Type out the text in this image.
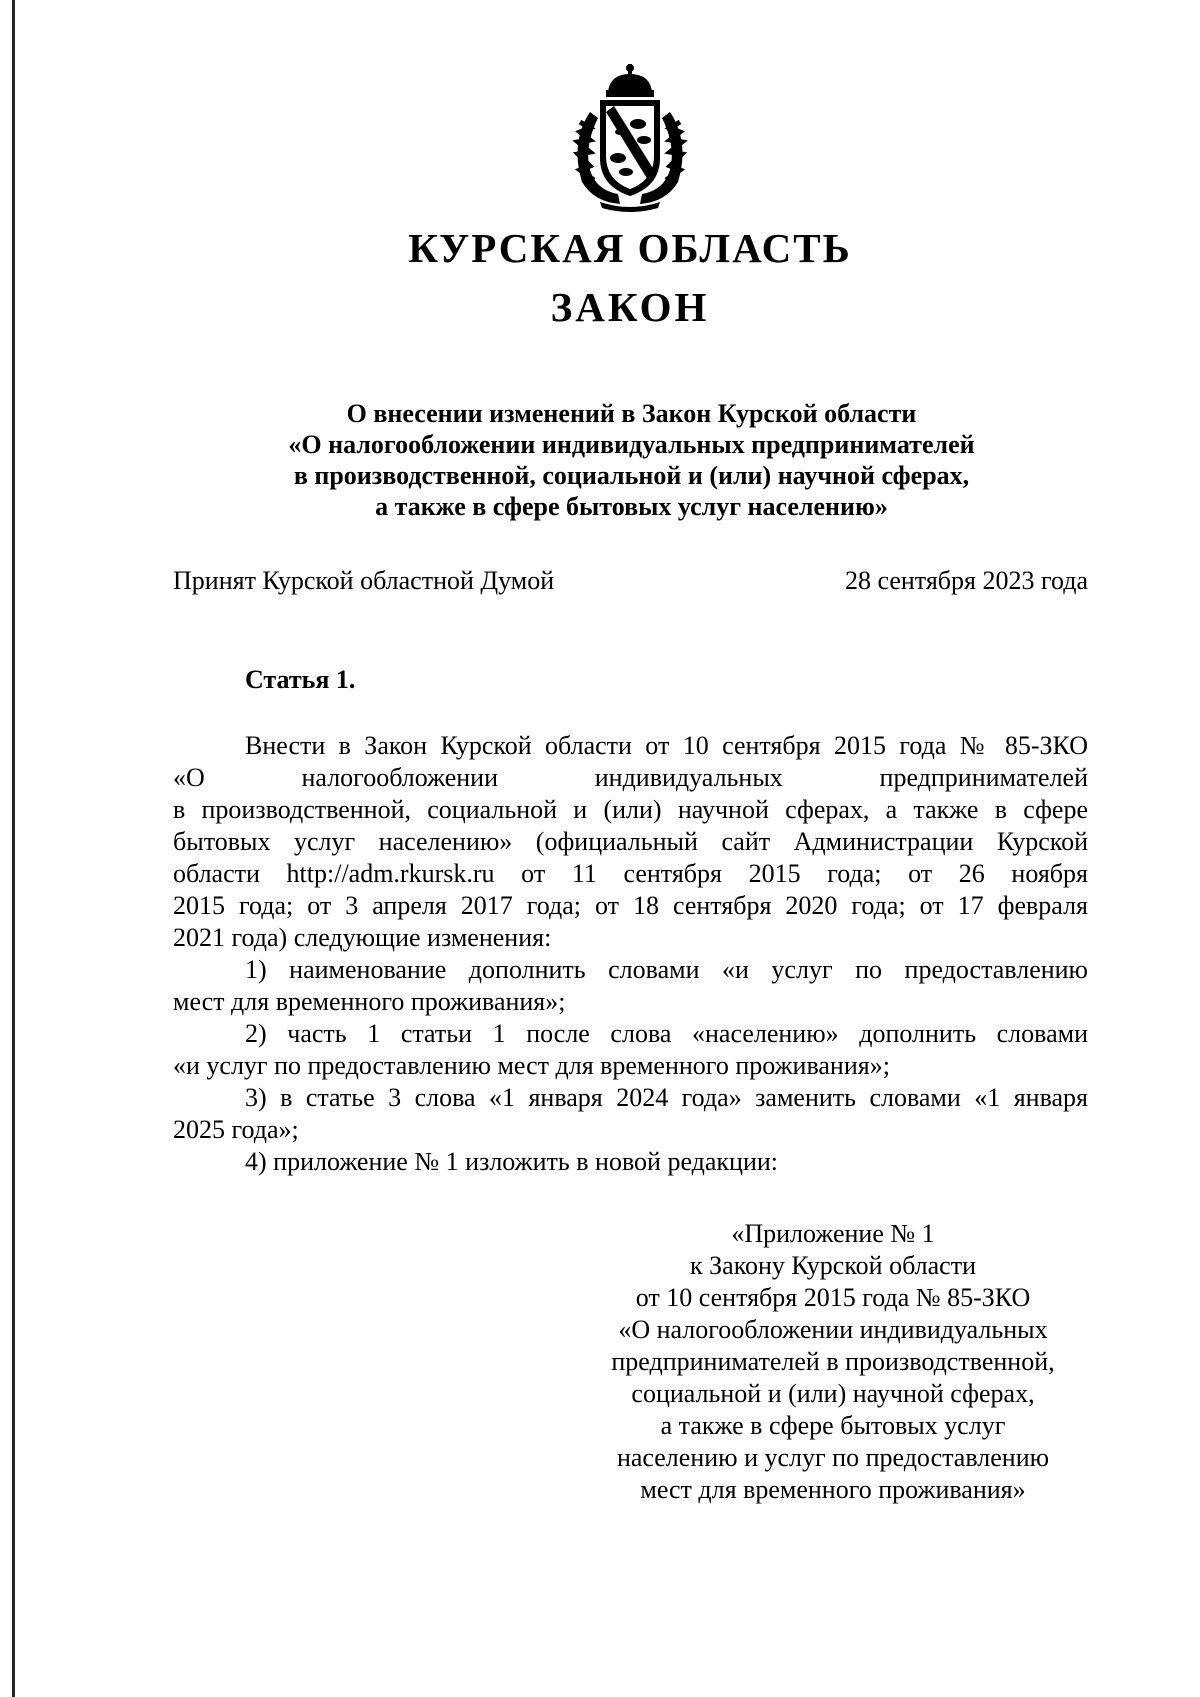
КУРСКАЯ ОБЛАСТЬ
ЗАКОН
О внесении изменений в Закон Курской области
«О налогообложении индивидуальных предпринимателей
в производственной, социальной и (или) научной сферах,
а также в сфере бытовых услуг населению»
Принят Курской областной Думой	28 сентября 2023 года
Статья 1.
Внести в Закон Курской области от 10 сентября 2015 года № 85-ЗКО
«О налогообложении индивидуальных предпринимателей
в производственной, социальной и (или) научной сферах, а также в сфере
бытовых услуг населению» (официальный сайт Администрации Курской
области http://adm.rkursk.ru от 11 сентября 2015 года; от 26 ноября
2015 года; от 3 апреля 2017 года; от 18 сентября 2020 года; от 17 февраля
2021 года) следующие изменения:
1) наименование дополнить словами «и услуг по предоставлению
мест для временного проживания»;
2) часть 1 статьи 1 после слова «населению» дополнить словами
«и услуг по предоставлению мест для временного проживания»;
3) в статье 3 слова «1 января 2024 года» заменить словами «1 января
2025 года»;
4) приложение № 1 изложить в новой редакции:
«Приложение № 1
к Закону Курской области
от 10 сентября 2015 года № 85-ЗКО
«О налогообложении индивидуальных
предпринимателей в производственной,
социальной и (или) научной сферах,
а также в сфере бытовых услуг
населению и услуг по предоставлению
мест для временного проживания»
